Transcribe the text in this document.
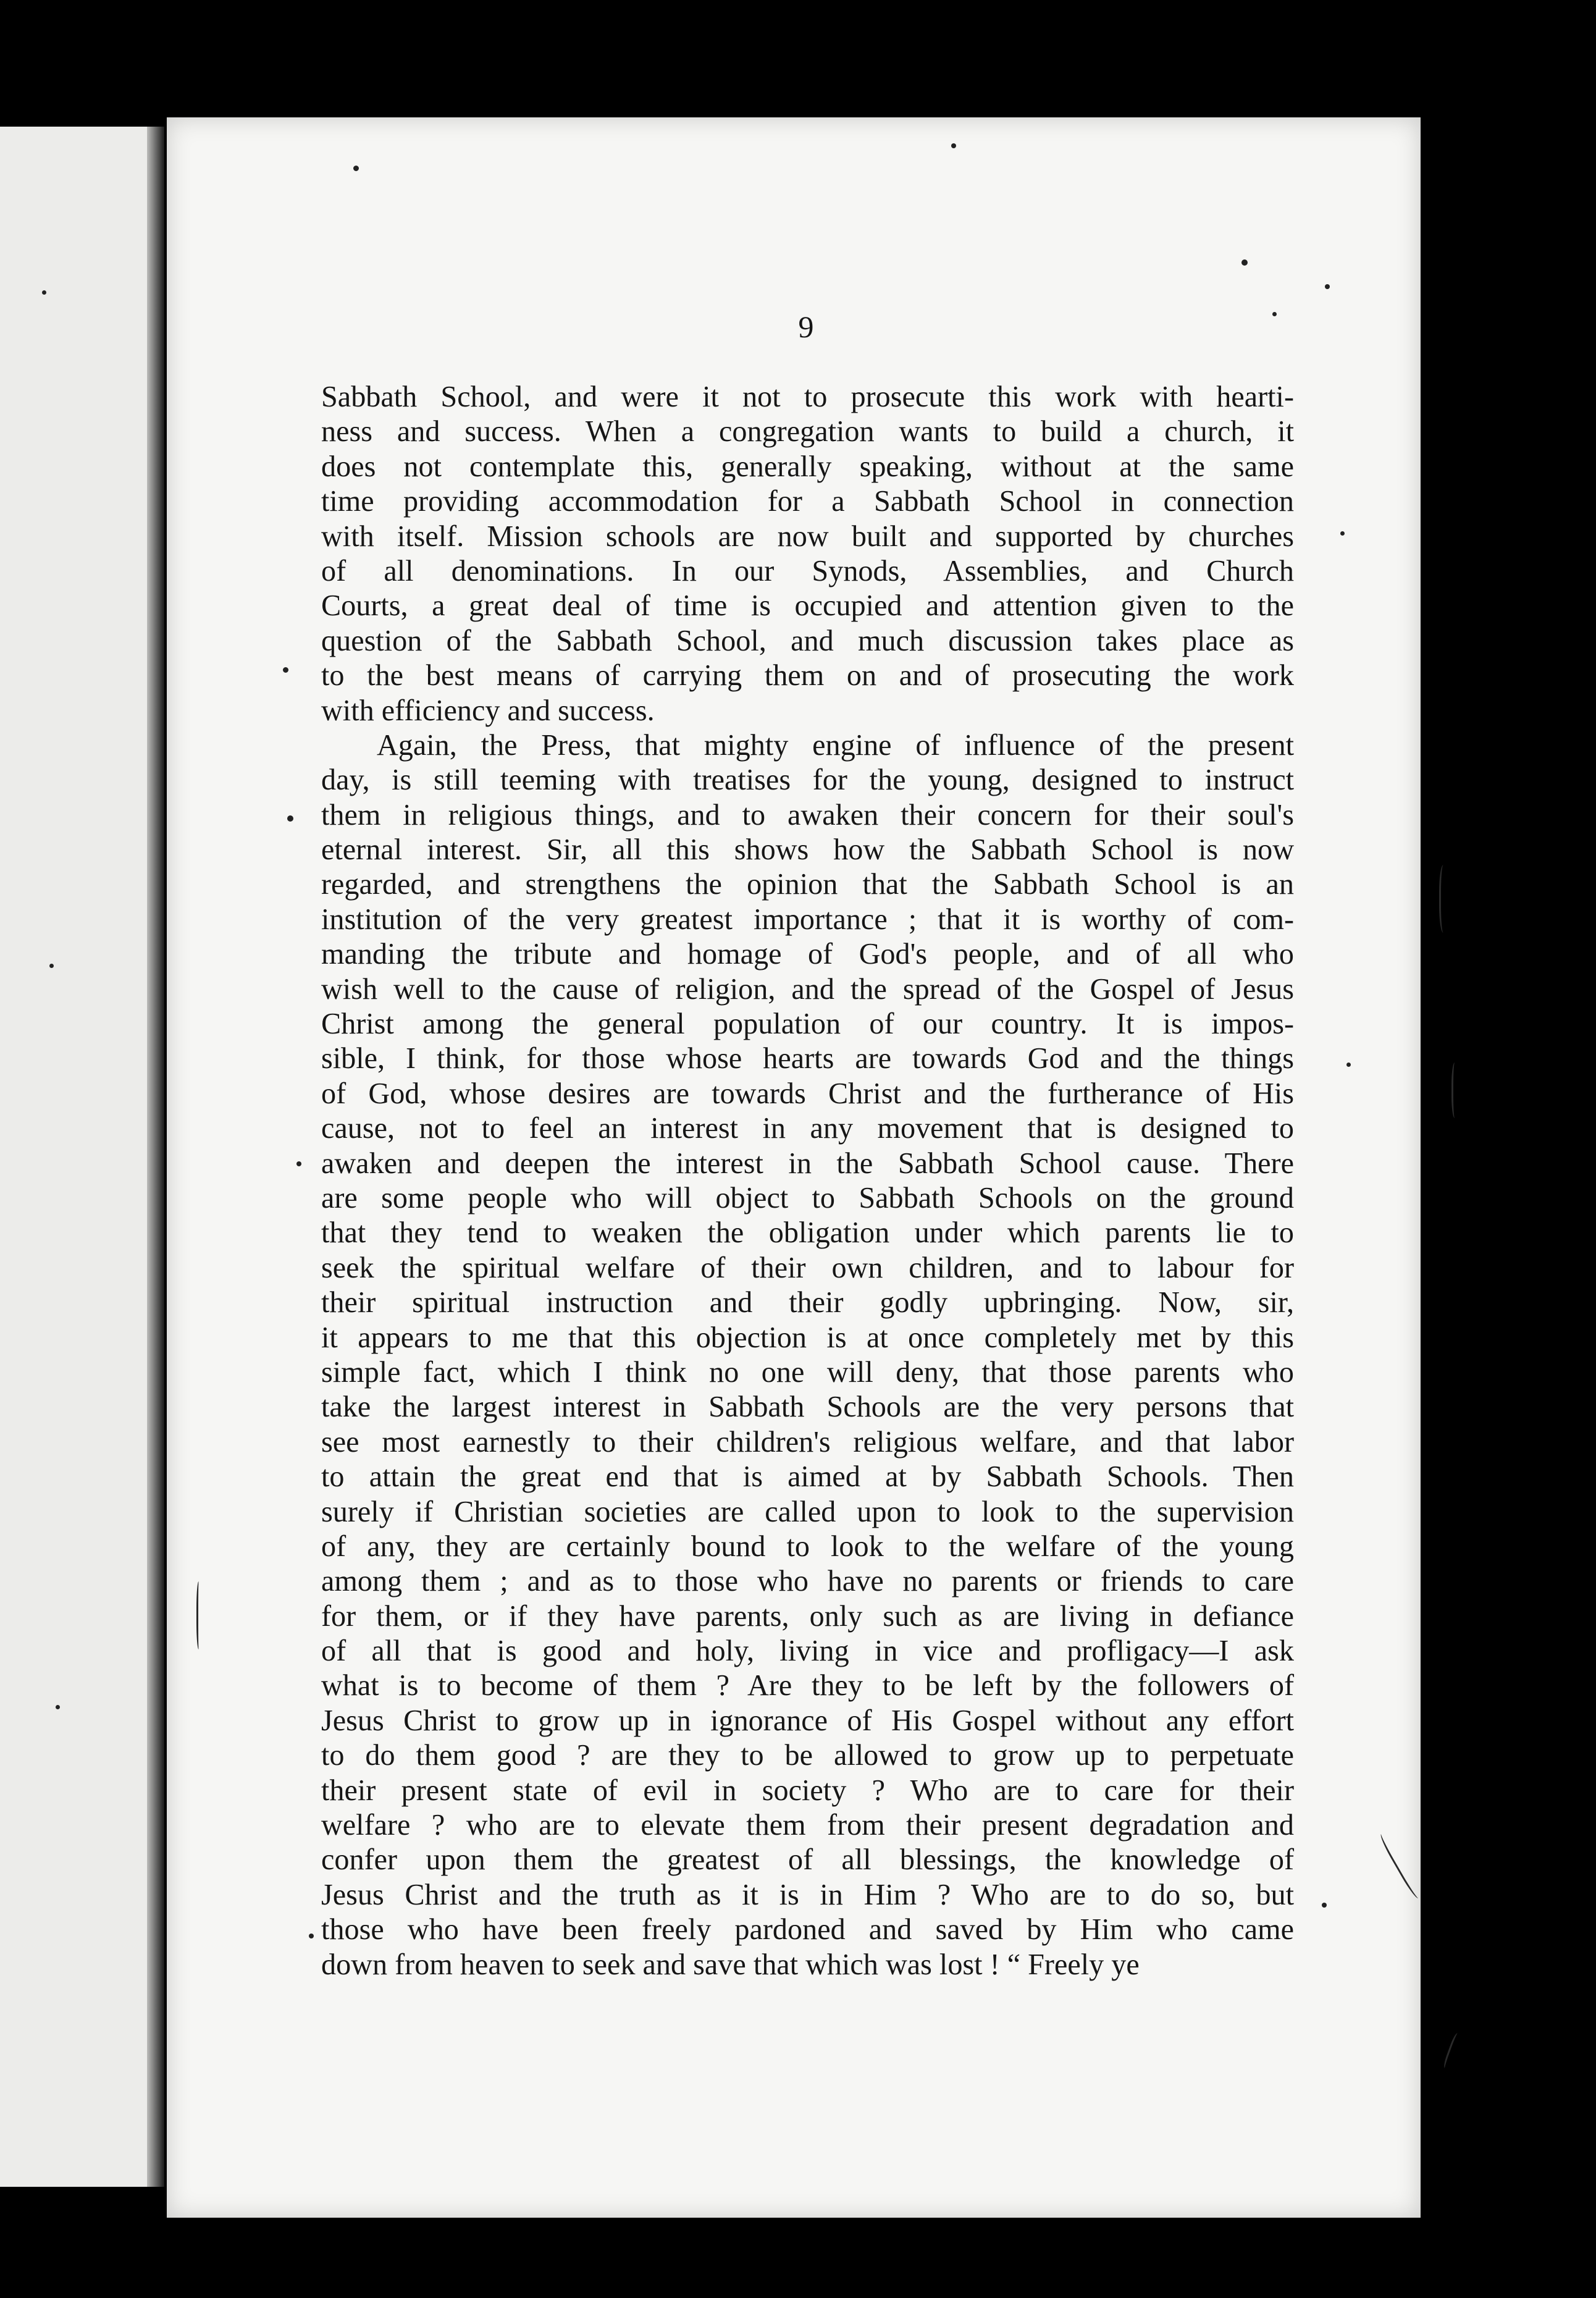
9
Sabbath School, and were it not to prosecute this work with hearti-
ness and success. When a congregation wants to build a church, it
does not contemplate this, generally speaking, without at the same
time providing accommodation for a Sabbath School in connection
with itself. Mission schools are now built and supported by churches
of all denominations. In our Synods, Assemblies, and Church
Courts, a great deal of time is occupied and attention given to the
question of the Sabbath School, and much discussion takes place as
to the best means of carrying them on and of prosecuting the work
with efficiency and success.
Again, the Press, that mighty engine of influence of the present
day, is still teeming with treatises for the young, designed to instruct
them in religious things, and to awaken their concern for their soul's
eternal interest. Sir, all this shows how the Sabbath School is now
regarded, and strengthens the opinion that the Sabbath School is an
institution of the very greatest importance ; that it is worthy of com-
manding the tribute and homage of God's people, and of all who
wish well to the cause of religion, and the spread of the Gospel of Jesus
Christ among the general population of our country. It is impos-
sible, I think, for those whose hearts are towards God and the things
of God, whose desires are towards Christ and the furtherance of His
cause, not to feel an interest in any movement that is designed to
awaken and deepen the interest in the Sabbath School cause. There
are some people who will object to Sabbath Schools on the ground
that they tend to weaken the obligation under which parents lie to
seek the spiritual welfare of their own children, and to labour for
their spiritual instruction and their godly upbringing. Now, sir,
it appears to me that this objection is at once completely met by this
simple fact, which I think no one will deny, that those parents who
take the largest interest in Sabbath Schools are the very persons that
see most earnestly to their children's religious welfare, and that labor
to attain the great end that is aimed at by Sabbath Schools. Then
surely if Christian societies are called upon to look to the supervision
of any, they are certainly bound to look to the welfare of the young
among them ; and as to those who have no parents or friends to care
for them, or if they have parents, only such as are living in defiance
of all that is good and holy, living in vice and profligacy—I ask
what is to become of them ? Are they to be left by the followers of
Jesus Christ to grow up in ignorance of His Gospel without any effort
to do them good ? are they to be allowed to grow up to perpetuate
their present state of evil in society ? Who are to care for their
welfare ? who are to elevate them from their present degradation and
confer upon them the greatest of all blessings, the knowledge of
Jesus Christ and the truth as it is in Him ? Who are to do so, but
those who have been freely pardoned and saved by Him who came
down from heaven to seek and save that which was lost ! “ Freely ye
